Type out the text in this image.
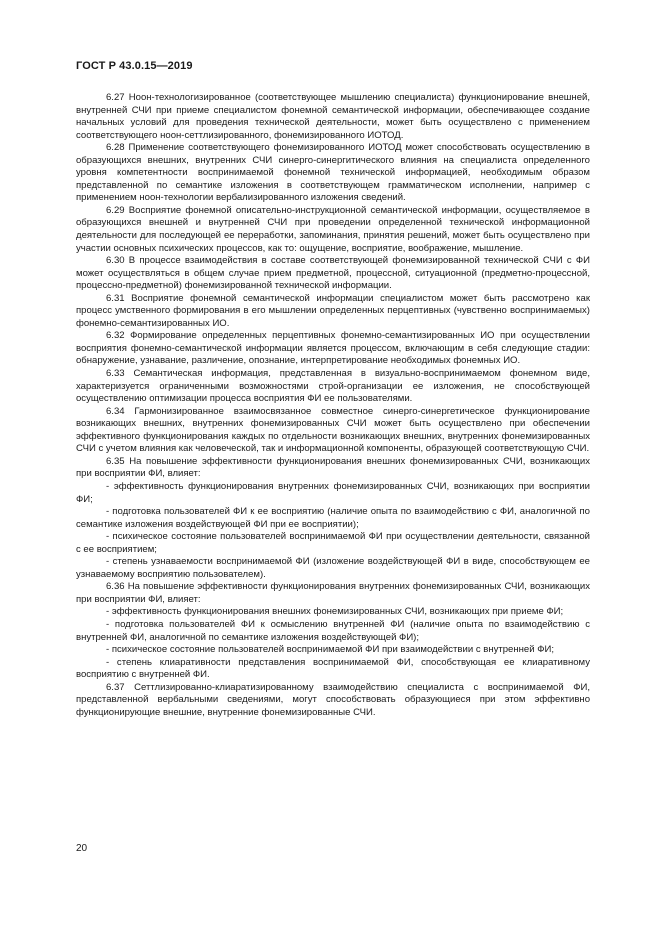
ГОСТ Р 43.0.15—2019

6.27 Ноон-технологизированное (соответствующее мышлению специалиста) функционирование внешней, внутренней СЧИ при приеме специалистом фонемной семантической информации, обеспечивающее создание начальных условий для проведения технической деятельности, может быть осуществлено с применением соответствующего ноон-сеттлизированного, фонемизированного ИОТОД.

6.28 Применение соответствующего фонемизированного ИОТОД может способствовать осуществлению в образующихся внешних, внутренних СЧИ синерго-синергитического влияния на специалиста определенного уровня компетентности воспринимаемой фонемной технической информацией, необходимым образом представленной по семантике изложения в соответствующем грамматическом исполнении, например с применением ноон-технологии вербализированного изложения сведений.

6.29 Восприятие фонемной описательно-инструкционной семантической информации, осуществляемое в образующихся внешней и внутренней СЧИ при проведении определенной технической информационной деятельности для последующей ее переработки, запоминания, принятия решений, может быть осуществлено при участии основных психических процессов, как то: ощущение, восприятие, воображение, мышление.

6.30 В процессе взаимодействия в составе соответствующей фонемизированной технической СЧИ с ФИ может осуществляться в общем случае прием предметной, процессной, ситуационной (предметно-процессной, процессно-предметной) фонемизированной технической информации.

6.31 Восприятие фонемной семантической информации специалистом может быть рассмотрено как процесс умственного формирования в его мышлении определенных перцептивных (чувственно воспринимаемых) фонемно-семантизированных ИО.

6.32 Формирование определенных перцептивных фонемно-семантизированных ИО при осуществлении восприятия фонемно-семантической информации является процессом, включающим в себя следующие стадии: обнаружение, узнавание, различение, опознание, интерпретирование необходимых фонемных ИО.

6.33 Семантическая информация, представленная в визуально-воспринимаемом фонемном виде, характеризуется ограниченными возможностями строй-организации ее изложения, не способствующей осуществлению оптимизации процесса восприятия ФИ ее пользователями.

6.34 Гармонизированное взаимосвязанное совместное синерго-синергетическое функционирование возникающих внешних, внутренних фонемизированных СЧИ может быть осуществлено при обеспечении эффективного функционирования каждых по отдельности возникающих внешних, внутренних фонемизированных СЧИ с учетом влияния как человеческой, так и информационной компоненты, образующей соответствующую СЧИ.

6.35 На повышение эффективности функционирования внешних фонемизированных СЧИ, возникающих при восприятии ФИ, влияет:

- эффективность функционирования внутренних фонемизированных СЧИ, возникающих при восприятии ФИ;

- подготовка пользователей ФИ к ее восприятию (наличие опыта по взаимодействию с ФИ, аналогичной по семантике изложения воздействующей ФИ при ее восприятии);

- психическое состояние пользователей воспринимаемой ФИ при осуществлении деятельности, связанной с ее восприятием;

- степень узнаваемости воспринимаемой ФИ (изложение воздействующей ФИ в виде, способствующем ее узнаваемому восприятию пользователем).

6.36 На повышение эффективности функционирования внутренних фонемизированных СЧИ, возникающих при восприятии ФИ, влияет:

- эффективность функционирования внешних фонемизированных СЧИ, возникающих при приеме ФИ;

- подготовка пользователей ФИ к осмыслению внутренней ФИ (наличие опыта по взаимодействию с внутренней ФИ, аналогичной по семантике изложения воздействующей ФИ);

- психическое состояние пользователей воспринимаемой ФИ при взаимодействии с внутренней ФИ;

- степень клиаративности представления воспринимаемой ФИ, способствующая ее клиаративному восприятию с внутренней ФИ.

6.37 Сеттлизированно-клиаратизированному взаимодействию специалиста с воспринимаемой ФИ, представленной вербальными сведениями, могут способствовать образующиеся при этом эффективно функционирующие внешние, внутренние фонемизированные СЧИ.

20
